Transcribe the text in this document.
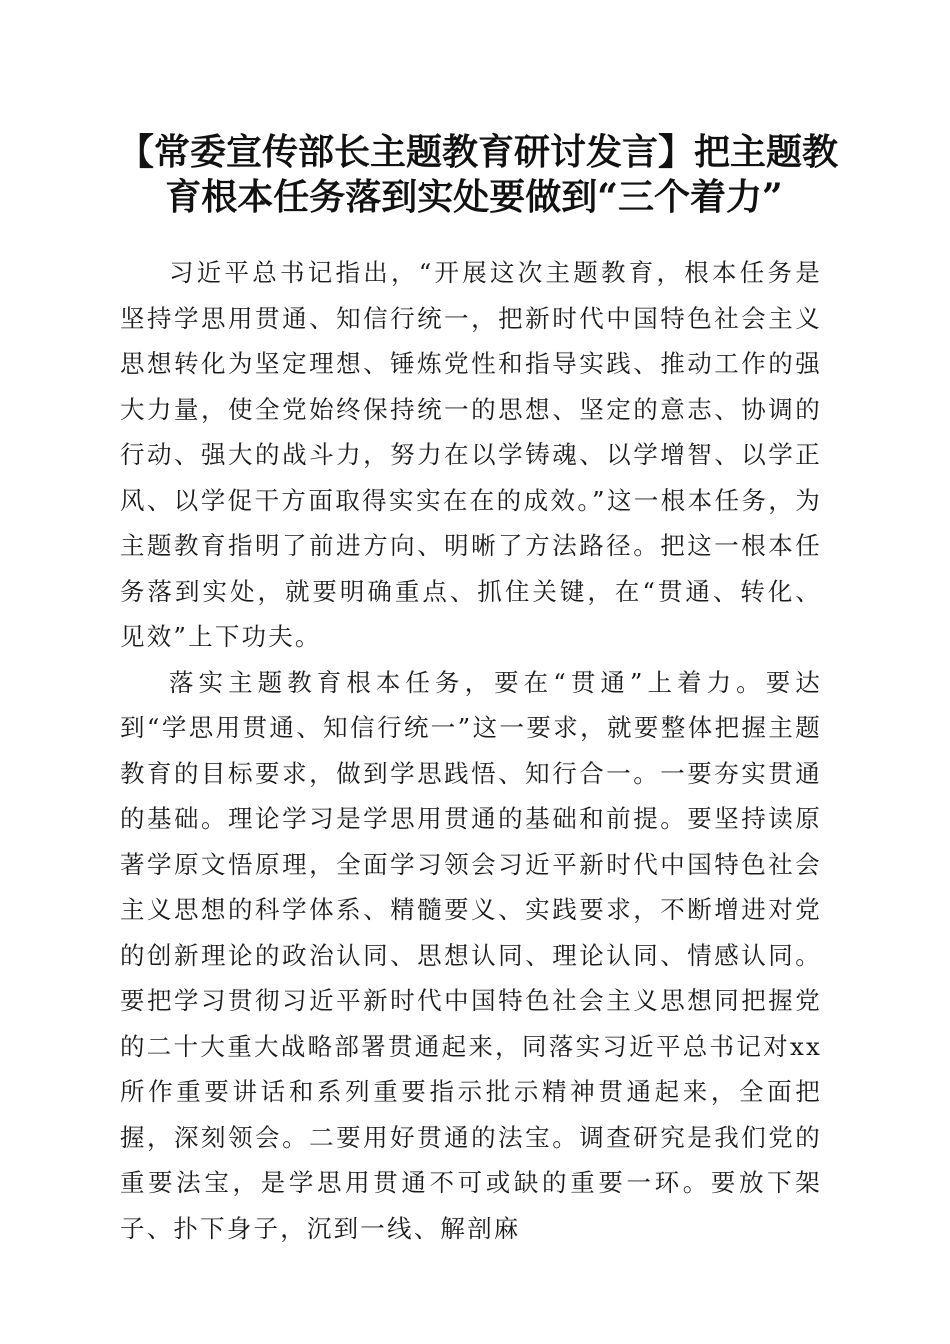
【常委宣传部长主题教育研讨发言】把主题教
育根本任务落到实处要做到“三个着力”

习近平总书记指出，“开展这次主题教育，根本任务是坚持学思用贯通、知信行统一，把新时代中国特色社会主义思想转化为坚定理想、锤炼党性和指导实践、推动工作的强大力量，使全党始终保持统一的思想、坚定的意志、协调的行动、强大的战斗力，努力在以学铸魂、以学增智、以学正风、以学促干方面取得实实在在的成效。”这一根本任务，为主题教育指明了前进方向、明晰了方法路径。把这一根本任务落到实处，就要明确重点、抓住关键，在“贯通、转化、见效”上下功夫。

落实主题教育根本任务，要在“贯通”上着力。要达到“学思用贯通、知信行统一”这一要求，就要整体把握主题教育的目标要求，做到学思践悟、知行合一。一要夯实贯通的基础。理论学习是学思用贯通的基础和前提。要坚持读原著学原文悟原理，全面学习领会习近平新时代中国特色社会主义思想的科学体系、精髓要义、实践要求，不断增进对党的创新理论的政治认同、思想认同、理论认同、情感认同。要把学习贯彻习近平新时代中国特色社会主义思想同把握党的二十大重大战略部署贯通起来，同落实习近平总书记对xx所作重要讲话和系列重要指示批示精神贯通起来，全面把握，深刻领会。二要用好贯通的法宝。调查研究是我们党的重要法宝，是学思用贯通不可或缺的重要一环。要放下架子、扑下身子，沉到一线、解剖麻
